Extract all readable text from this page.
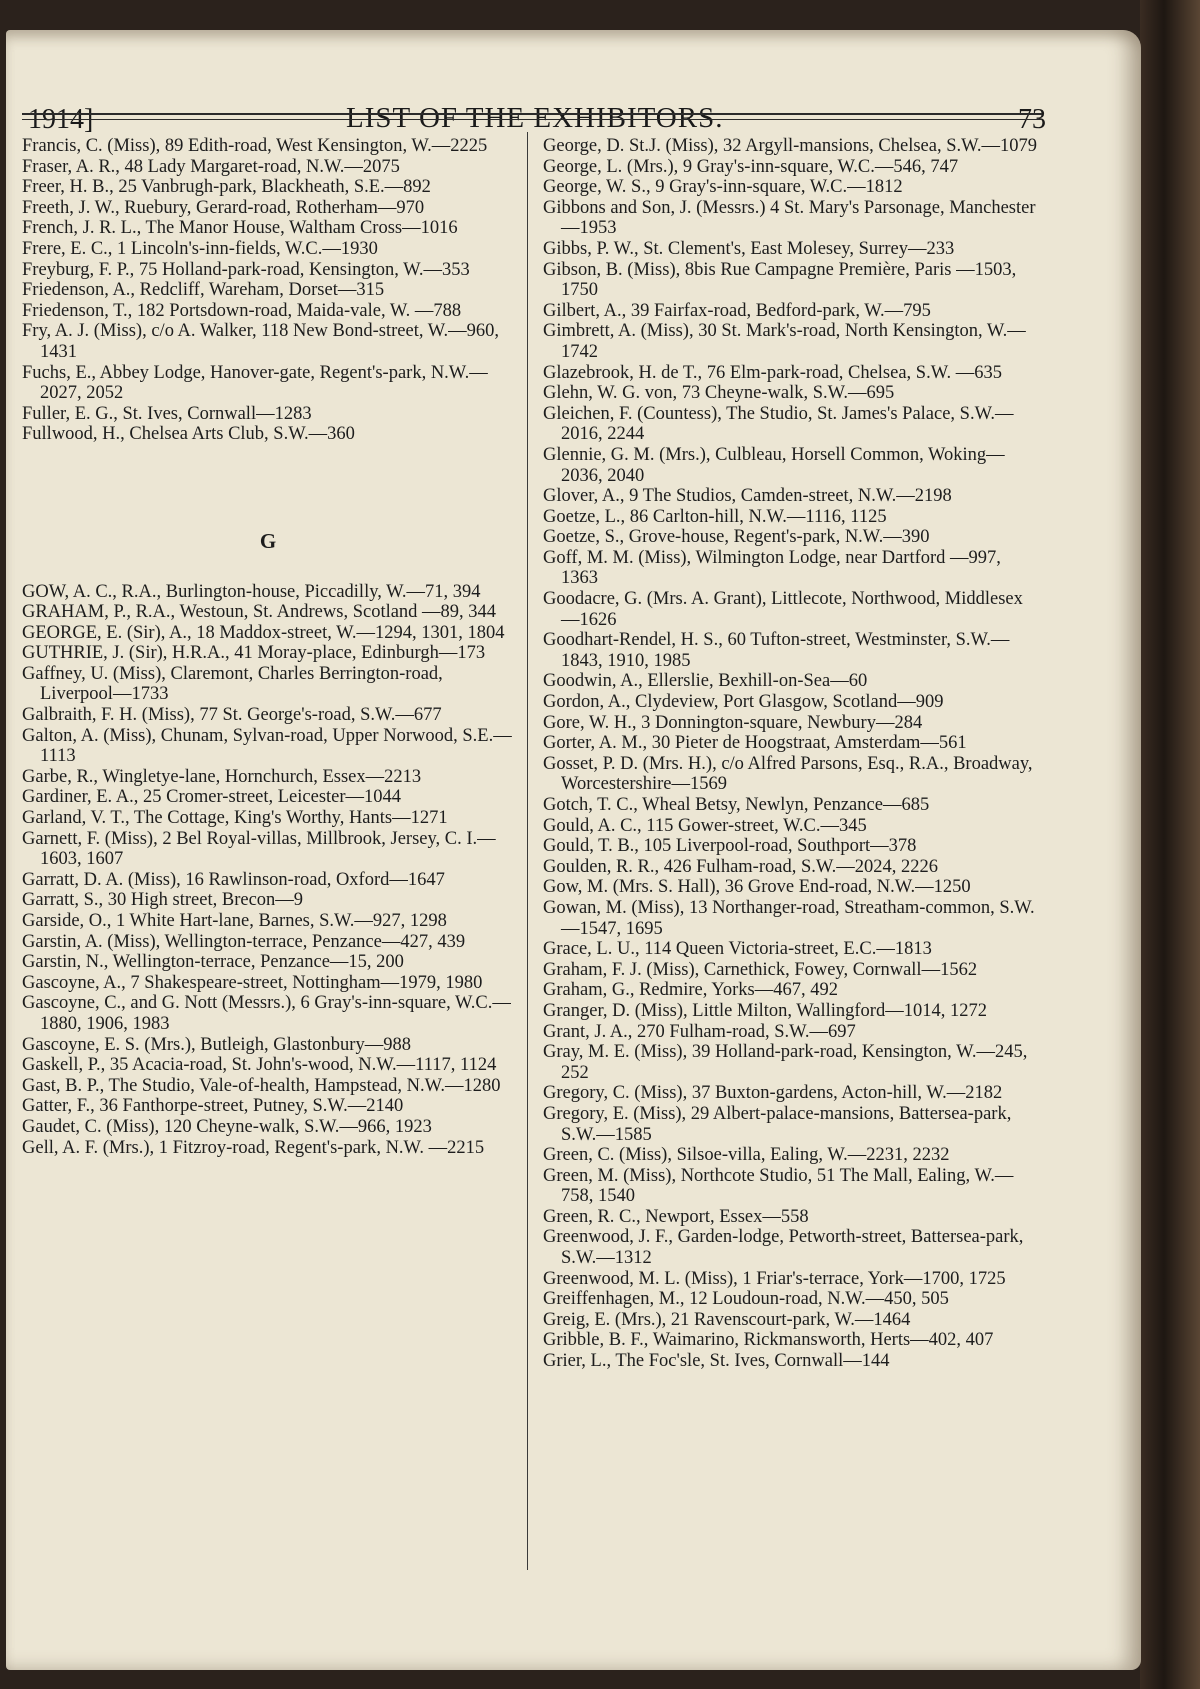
1914]	LIST OF THE EXHIBITORS.	73

Francis, C. (Miss), 89 Edith-road, West Kensington, W.—2225

Fraser, A. R., 48 Lady Margaret-road, N.W.—2075

Freer, H. B., 25 Vanbrugh-park, Blackheath, S.E.—892

Freeth, J. W., Ruebury, Gerard-road, Rotherham—970

French, J. R. L., The Manor House, Waltham Cross—1016

Frere, E. C., 1 Lincoln's-inn-fields, W.C.—1930

Freyburg, F. P., 75 Holland-park-road, Kensington, W.—353

Friedenson, A., Redcliff, Wareham, Dorset—315

Friedenson, T., 182 Portsdown-road, Maida-vale, W. —788

Fry, A. J. (Miss), c/o A. Walker, 118 New Bond-street, W.—960, 1431

Fuchs, E., Abbey Lodge, Hanover-gate, Regent's-park, N.W.—2027, 2052

Fuller, E. G., St. Ives, Cornwall—1283

Fullwood, H., Chelsea Arts Club, S.W.—360

G

GOW, A. C., R.A., Burlington-house, Piccadilly, W.—71, 394

GRAHAM, P., R.A., Westoun, St. Andrews, Scotland —89, 344

GEORGE, E. (Sir), A., 18 Maddox-street, W.—1294, 1301, 1804

GUTHRIE, J. (Sir), H.R.A., 41 Moray-place, Edinburgh—173

Gaffney, U. (Miss), Claremont, Charles Berrington-road, Liverpool—1733

Galbraith, F. H. (Miss), 77 St. George's-road, S.W.—677

Galton, A. (Miss), Chunam, Sylvan-road, Upper Norwood, S.E.—1113

Garbe, R., Wingletye-lane, Hornchurch, Essex—2213

Gardiner, E. A., 25 Cromer-street, Leicester—1044

Garland, V. T., The Cottage, King's Worthy, Hants—1271

Garnett, F. (Miss), 2 Bel Royal-villas, Millbrook, Jersey, C. I.—1603, 1607

Garratt, D. A. (Miss), 16 Rawlinson-road, Oxford—1647

Garratt, S., 30 High street, Brecon—9

Garside, O., 1 White Hart-lane, Barnes, S.W.—927, 1298

Garstin, A. (Miss), Wellington-terrace, Penzance—427, 439

Garstin, N., Wellington-terrace, Penzance—15, 200

Gascoyne, A., 7 Shakespeare-street, Nottingham—1979, 1980

Gascoyne, C., and G. Nott (Messrs.), 6 Gray's-inn-square, W.C.—1880, 1906, 1983

Gascoyne, E. S. (Mrs.), Butleigh, Glastonbury—988

Gaskell, P., 35 Acacia-road, St. John's-wood, N.W.—1117, 1124

Gast, B. P., The Studio, Vale-of-health, Hampstead, N.W.—1280

Gatter, F., 36 Fanthorpe-street, Putney, S.W.—2140

Gaudet, C. (Miss), 120 Cheyne-walk, S.W.—966, 1923

Gell, A. F. (Mrs.), 1 Fitzroy-road, Regent's-park, N.W. —2215

George, D. St.J. (Miss), 32 Argyll-mansions, Chelsea, S.W.—1079

George, L. (Mrs.), 9 Gray's-inn-square, W.C.—546, 747

George, W. S., 9 Gray's-inn-square, W.C.—1812

Gibbons and Son, J. (Messrs.) 4 St. Mary's Parsonage, Manchester—1953

Gibbs, P. W., St. Clement's, East Molesey, Surrey—233

Gibson, B. (Miss), 8bis Rue Campagne Première, Paris —1503, 1750

Gilbert, A., 39 Fairfax-road, Bedford-park, W.—795

Gimbrett, A. (Miss), 30 St. Mark's-road, North Kensington, W.—1742

Glazebrook, H. de T., 76 Elm-park-road, Chelsea, S.W. —635

Glehn, W. G. von, 73 Cheyne-walk, S.W.—695

Gleichen, F. (Countess), The Studio, St. James's Palace, S.W.—2016, 2244

Glennie, G. M. (Mrs.), Culbleau, Horsell Common, Woking—2036, 2040

Glover, A., 9 The Studios, Camden-street, N.W.—2198

Goetze, L., 86 Carlton-hill, N.W.—1116, 1125

Goetze, S., Grove-house, Regent's-park, N.W.—390

Goff, M. M. (Miss), Wilmington Lodge, near Dartford —997, 1363

Goodacre, G. (Mrs. A. Grant), Littlecote, Northwood, Middlesex—1626

Goodhart-Rendel, H. S., 60 Tufton-street, Westminster, S.W.—1843, 1910, 1985

Goodwin, A., Ellerslie, Bexhill-on-Sea—60

Gordon, A., Clydeview, Port Glasgow, Scotland—909

Gore, W. H., 3 Donnington-square, Newbury—284

Gorter, A. M., 30 Pieter de Hoogstraat, Amsterdam—561

Gosset, P. D. (Mrs. H.), c/o Alfred Parsons, Esq., R.A., Broadway, Worcestershire—1569

Gotch, T. C., Wheal Betsy, Newlyn, Penzance—685

Gould, A. C., 115 Gower-street, W.C.—345

Gould, T. B., 105 Liverpool-road, Southport—378

Goulden, R. R., 426 Fulham-road, S.W.—2024, 2226

Gow, M. (Mrs. S. Hall), 36 Grove End-road, N.W.—1250

Gowan, M. (Miss), 13 Northanger-road, Streatham-common, S.W.—1547, 1695

Grace, L. U., 114 Queen Victoria-street, E.C.—1813

Graham, F. J. (Miss), Carnethick, Fowey, Cornwall—1562

Graham, G., Redmire, Yorks—467, 492

Granger, D. (Miss), Little Milton, Wallingford—1014, 1272

Grant, J. A., 270 Fulham-road, S.W.—697

Gray, M. E. (Miss), 39 Holland-park-road, Kensington, W.—245, 252

Gregory, C. (Miss), 37 Buxton-gardens, Acton-hill, W.—2182

Gregory, E. (Miss), 29 Albert-palace-mansions, Battersea-park, S.W.—1585

Green, C. (Miss), Silsoe-villa, Ealing, W.—2231, 2232

Green, M. (Miss), Northcote Studio, 51 The Mall, Ealing, W.—758, 1540

Green, R. C., Newport, Essex—558

Greenwood, J. F., Garden-lodge, Petworth-street, Battersea-park, S.W.—1312

Greenwood, M. L. (Miss), 1 Friar's-terrace, York—1700, 1725

Greiffenhagen, M., 12 Loudoun-road, N.W.—450, 505

Greig, E. (Mrs.), 21 Ravenscourt-park, W.—1464

Gribble, B. F., Waimarino, Rickmansworth, Herts—402, 407

Grier, L., The Foc'sle, St. Ives, Cornwall—144
